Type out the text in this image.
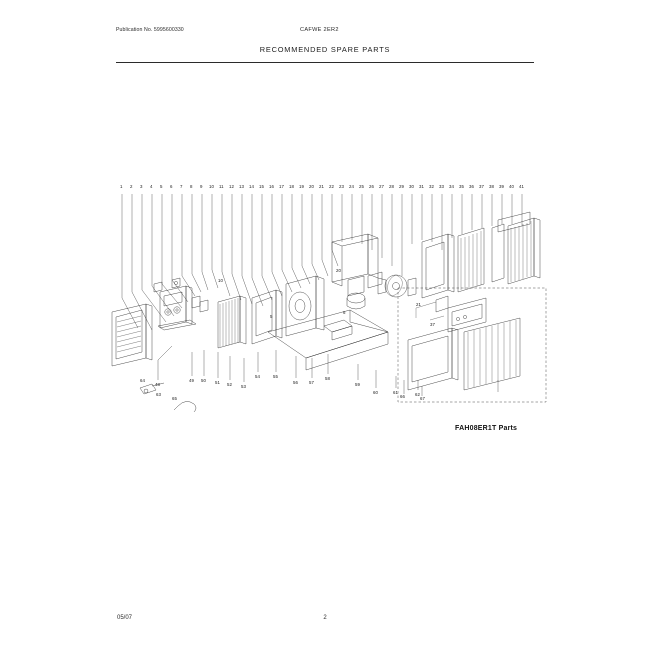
Publication No. 5995600330	CAFWE 2ER2
RECOMMENDED SPARE PARTS
1 2 3 4 5 6 7 8 9 10 11 12 13 14 15 16 17 18 19 20 21 22 23 24 25 26 27 28 29 30 31 32 33 34 35 36 37 38 39 40 41
5
6
10
20
21
37
48
49 50 51 52 53
54	55
56	57
58
59
60	61	62
63
64
65	66	67
FAH08ER1T Parts
05/07	2
